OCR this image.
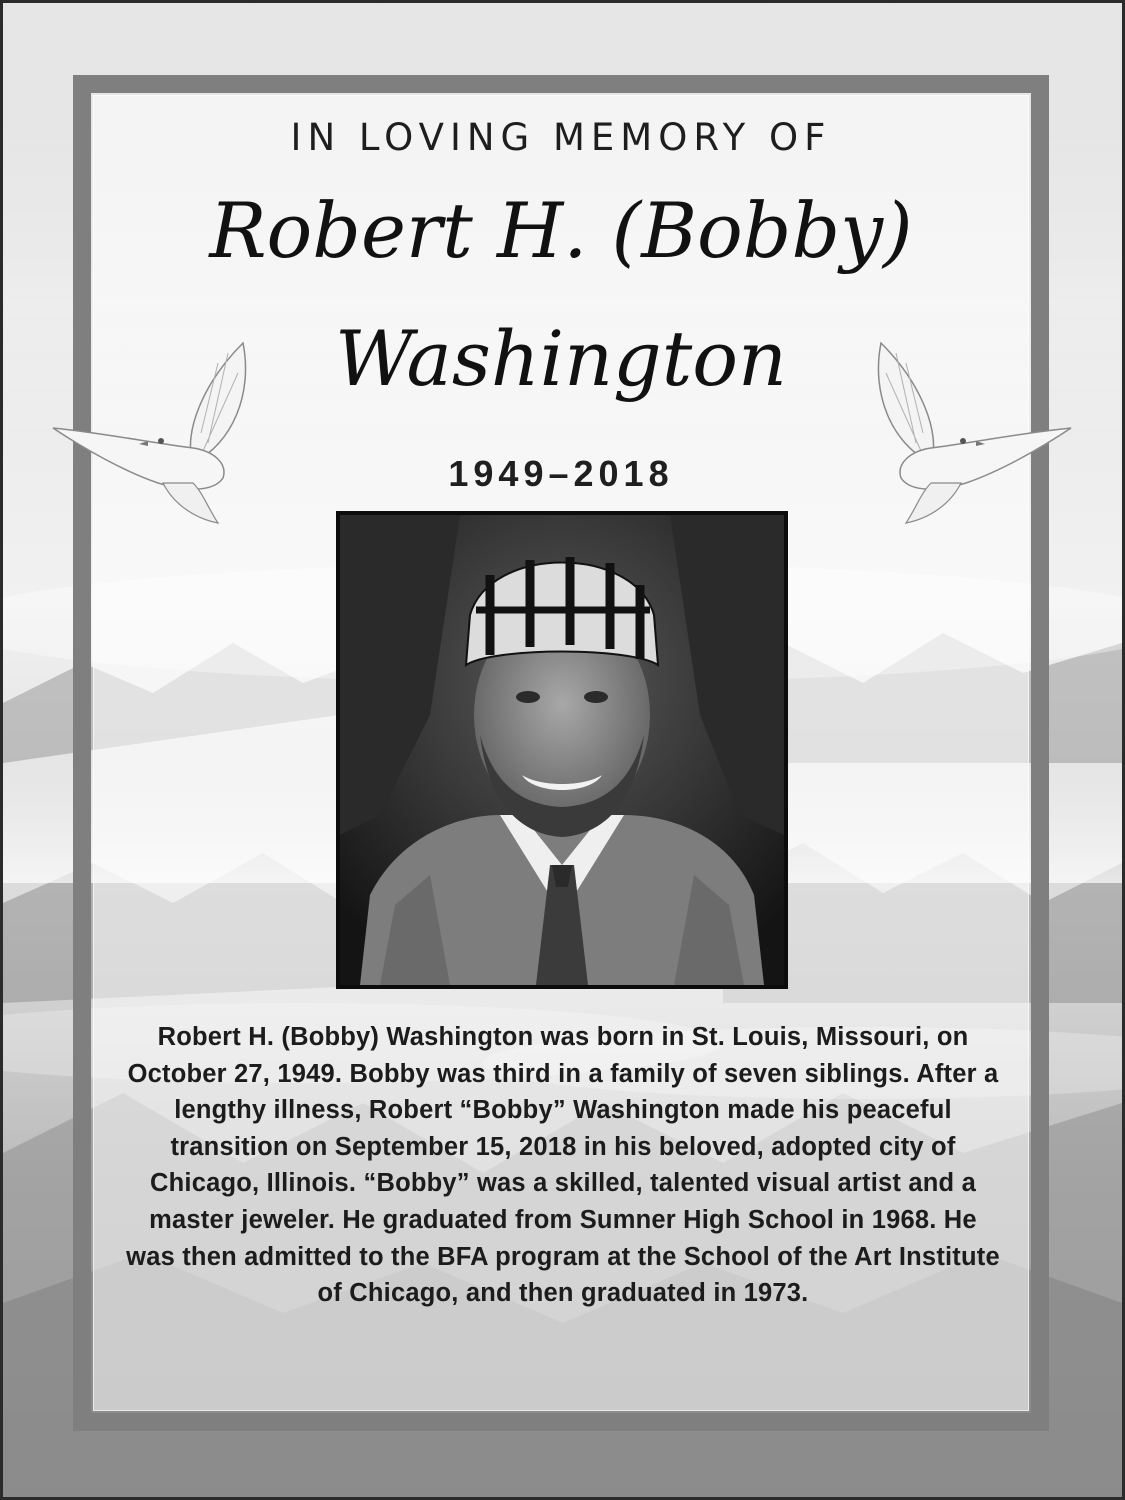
IN LOVING MEMORY OF
Robert H. (Bobby)
Washington
1949–2018
Robert H. (Bobby) Washington was born in St. Louis, Missouri, on October 27, 1949. Bobby was third in a family of seven siblings. After a lengthy illness, Robert “Bobby” Washington made his peaceful transition on September 15, 2018 in his beloved, adopted city of Chicago, Illinois. “Bobby” was a skilled, talented visual artist and a master jeweler. He graduated from Sumner High School in 1968. He was then admitted to the BFA program at the School of the Art Institute of Chicago, and then graduated in 1973.
